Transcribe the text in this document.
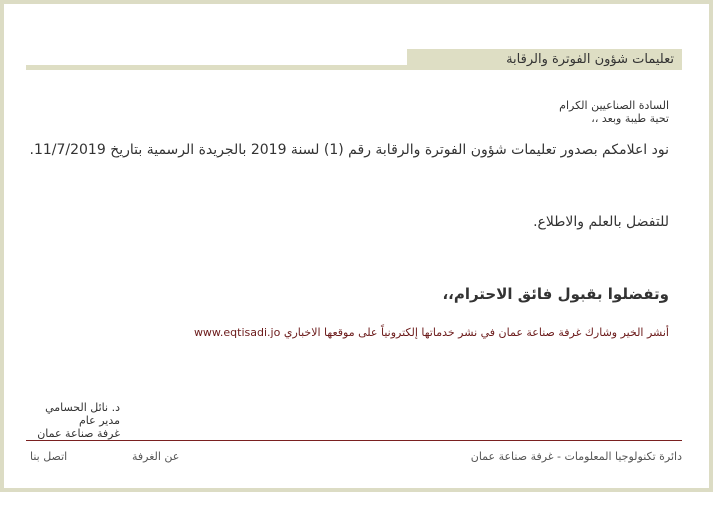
تعليمات شؤون الفوترة والرقابة
السادة الصناعيين الكرام
تحية طيبة وبعد ،،
نود اعلامكم بصدور تعليمات شؤون الفوترة والرقابة رقم (1) لسنة 2019 بالجريدة الرسمية بتاريخ 11/7/2019.
للتفضل بالعلم والاطلاع.
وتفضلوا بقبول فائق الاحترام،،
أنشر الخير وشارك غرفة صناعة عمان في نشر خدماتها إلكترونياً على موقعها الاخباري www.eqtisadi.jo
د. نائل الحسامي
مدير عام
غرفة صناعة عمان
دائرة تكنولوجيا المعلومات - غرفة صناعة عمان
عن الغرفة
اتصل بنا
